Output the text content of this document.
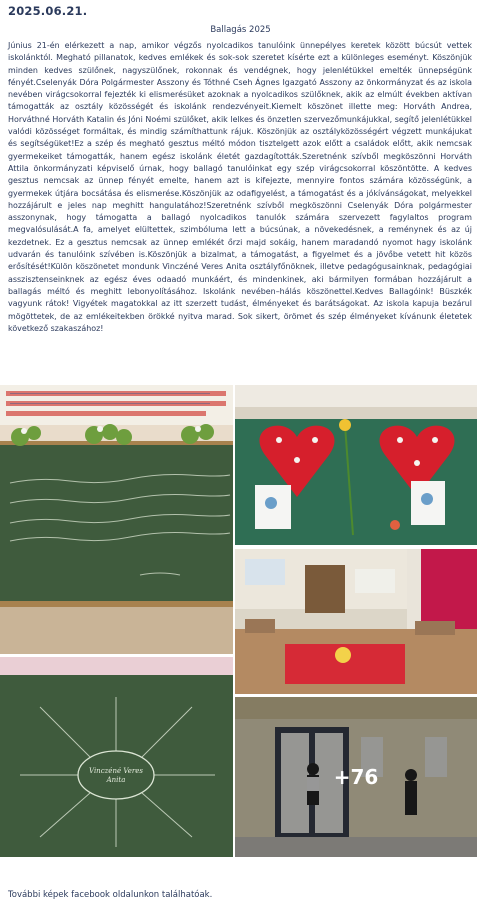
2025.06.21.
Ballagás 2025

Június 21-én elérkezett a nap, amikor végzős nyolcadikos tanulóink ünnepélyes keretek között búcsút vettek iskolánktól. Megható pillanatok, kedves emlékek és sok-sok szeretet kísérte ezt a különleges eseményt. Köszönjük minden kedves szülőnek, nagyszülőnek, rokonnak és vendégnek, hogy jelenlétükkel emelték ünnepségünk fényét.Cselenyák Dóra Polgármester Asszony és Tóthné Cseh Ágnes Igazgató Asszony az önkormányzat és az iskola nevében virágcsokorral fejezték ki elismerésüket azoknak a nyolcadikos szülőknek, akik az elmúlt években aktívan támogatták az osztály közösségét és iskolánk rendezvényeit.Kiemelt köszönet illette meg: Horváth Andrea, Horváthné Horváth Katalin és Jóni Noémi szülőket, akik lelkes és önzetlen szervezőmunkájukkal, segítő jelenlétükkel valódi közösséget formáltak, és mindig számíthattunk rájuk. Köszönjük az osztályközösségért végzett munkájukat és segítségüket!Ez a szép és megható gesztus méltó módon tisztelgett azok előtt a családok előtt, akik nemcsak gyermekeiket támogatták, hanem egész iskolánk életét gazdagították.Szeretnénk szívből megköszönni Horváth Attila önkormányzati képviselő úrnak, hogy ballagó tanulóinkat egy szép virágcsokorral köszöntötte. A kedves gesztus nemcsak az ünnep fényét emelte, hanem azt is kifejezte, mennyire fontos számára közösségünk, a gyermekek útjára bocsátása és elismerése.Köszönjük az odafigyelést, a támogatást és a jókívánságokat, melyekkel hozzájárult e jeles nap meghitt hangulatához!Szeretnénk szívből megköszönni Cselenyák Dóra polgármester asszonynak, hogy támogatta a ballagó nyolcadikos tanulók számára szervezett fagylaltos program megvalósulását.A fa, amelyet elültettek, szimbóluma lett a búcsúnak, a növekedésnek, a reménynek és az új kezdetnek. Ez a gesztus nemcsak az ünnep emlékét őrzi majd sokáig, hanem maradandó nyomot hagy iskolánk udvarán és tanulóink szívében is.Köszönjük a bizalmat, a támogatást, a figyelmet és a jövőbe vetett hit közös erősítését!Külön köszönetet mondunk Vinczéné Veres Anita osztályfőnöknek, illetve pedagógusainknak, pedagógiai asszisztenseinknek az egész éves odaadó munkáért, és mindenkinek, aki bármilyen formában hozzájárult a ballagás méltó és meghitt lebonyolításához. Iskolánk nevében–hálás köszönettel.Kedves Ballagóink! Büszkék vagyunk rátok! Vigyétek magatokkal az itt szerzett tudást, élményeket és barátságokat. Az iskola kapuja bezárul mögöttetek, de az emlékeitekben örökké nyitva marad. Sok sikert, örömet és szép élményeket kívánunk életetek következő szakaszához!

Vinczéné Veres Anita	+76
További képek facebook oldalunkon találhatóak.
